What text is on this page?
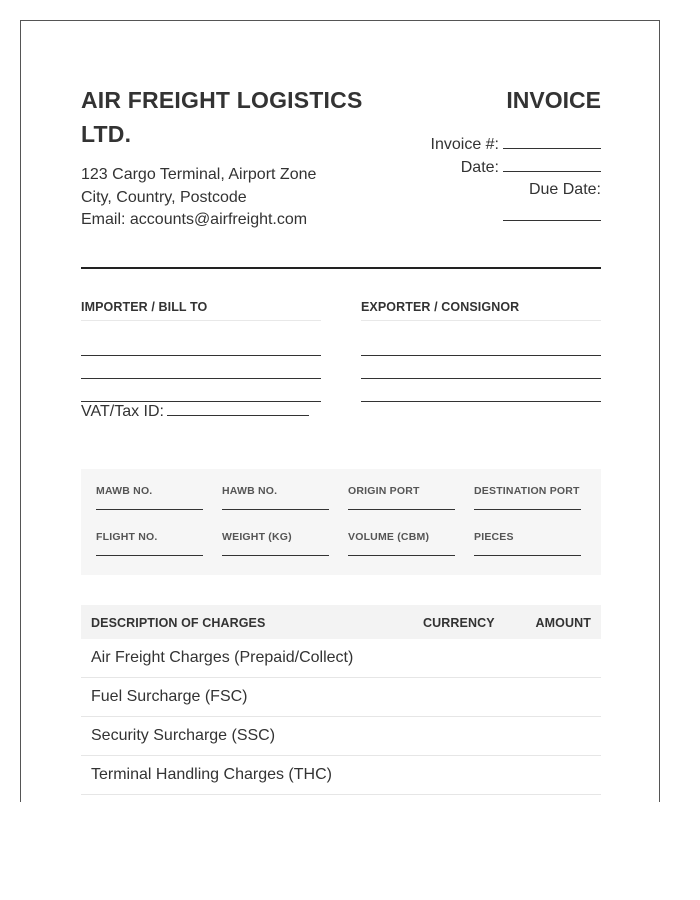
AIR FREIGHT LOGISTICS LTD.
123 Cargo Terminal, Airport Zone
City, Country, Postcode
Email: accounts@airfreight.com
INVOICE
Invoice #:
Date:
Due Date:
IMPORTER / BILL TO	EXPORTER / CONSIGNOR
VAT/Tax ID:
MAWB NO.	HAWB NO.	ORIGIN PORT	DESTINATION PORT
FLIGHT NO.	WEIGHT (KG)	VOLUME (CBM)	PIECES
DESCRIPTION OF CHARGES	CURRENCY	AMOUNT
Air Freight Charges (Prepaid/Collect)
Fuel Surcharge (FSC)
Security Surcharge (SSC)
Terminal Handling Charges (THC)
